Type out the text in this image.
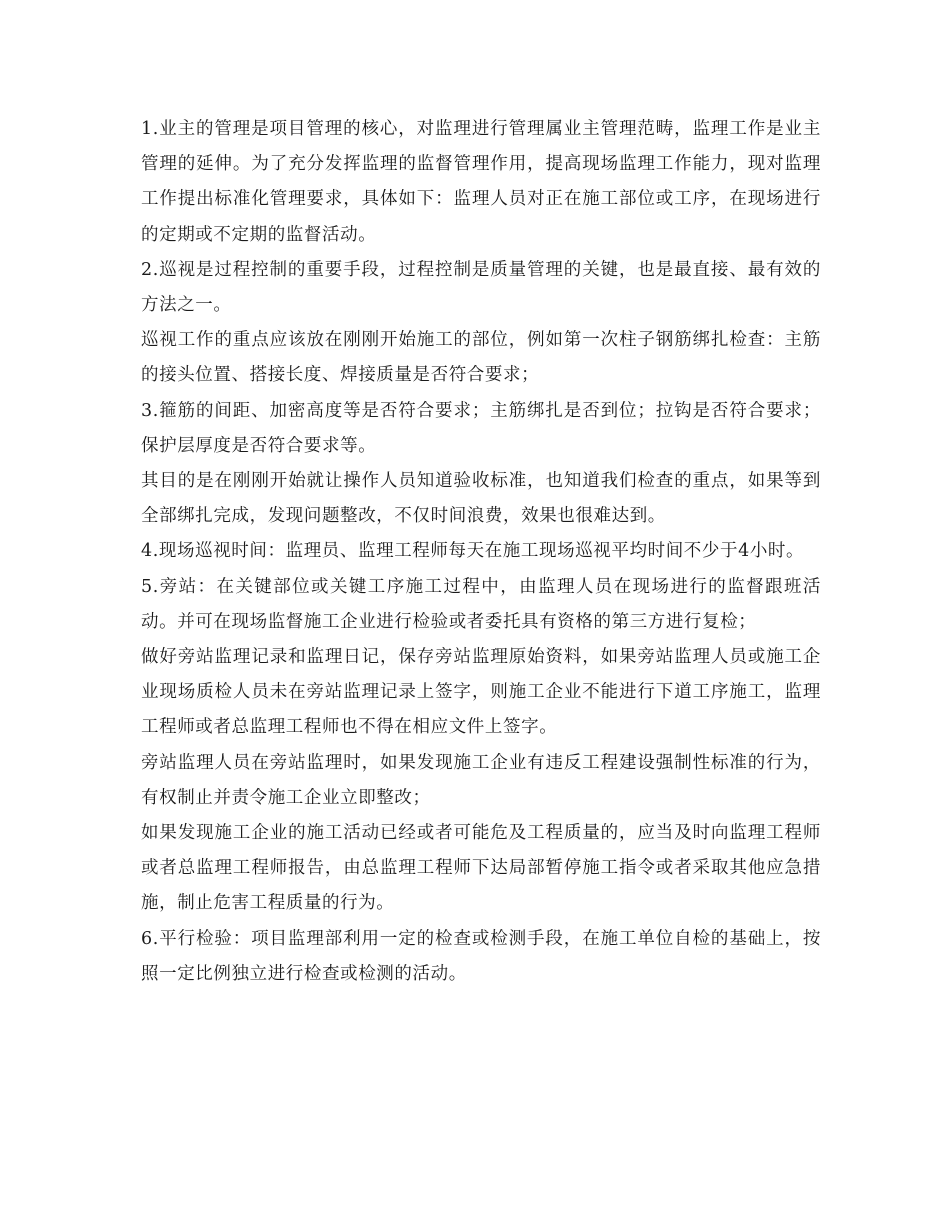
1.业主的管理是项目管理的核心，对监理进行管理属业主管理范畴，监理工作是业主管理的延伸。为了充分发挥监理的监督管理作用，提高现场监理工作能力，现对监理工作提出标准化管理要求，具体如下：监理人员对正在施工部位或工序，在现场进行的定期或不定期的监督活动。

2.巡视是过程控制的重要手段，过程控制是质量管理的关键，也是最直接、最有效的方法之一。

巡视工作的重点应该放在刚刚开始施工的部位，例如第一次柱子钢筋绑扎检查：主筋的接头位置、搭接长度、焊接质量是否符合要求；

3.箍筋的间距、加密高度等是否符合要求；主筋绑扎是否到位；拉钩是否符合要求；保护层厚度是否符合要求等。

其目的是在刚刚开始就让操作人员知道验收标准，也知道我们检查的重点，如果等到全部绑扎完成，发现问题整改，不仅时间浪费，效果也很难达到。

4.现场巡视时间：监理员、监理工程师每天在施工现场巡视平均时间不少于4小时。

5.旁站：在关键部位或关键工序施工过程中，由监理人员在现场进行的监督跟班活动。并可在现场监督施工企业进行检验或者委托具有资格的第三方进行复检；

做好旁站监理记录和监理日记，保存旁站监理原始资料，如果旁站监理人员或施工企业现场质检人员未在旁站监理记录上签字，则施工企业不能进行下道工序施工，监理工程师或者总监理工程师也不得在相应文件上签字。

旁站监理人员在旁站监理时，如果发现施工企业有违反工程建设强制性标准的行为，有权制止并责令施工企业立即整改；

如果发现施工企业的施工活动已经或者可能危及工程质量的，应当及时向监理工程师或者总监理工程师报告，由总监理工程师下达局部暂停施工指令或者采取其他应急措施，制止危害工程质量的行为。

6.平行检验：项目监理部利用一定的检查或检测手段，在施工单位自检的基础上，按照一定比例独立进行检查或检测的活动。
